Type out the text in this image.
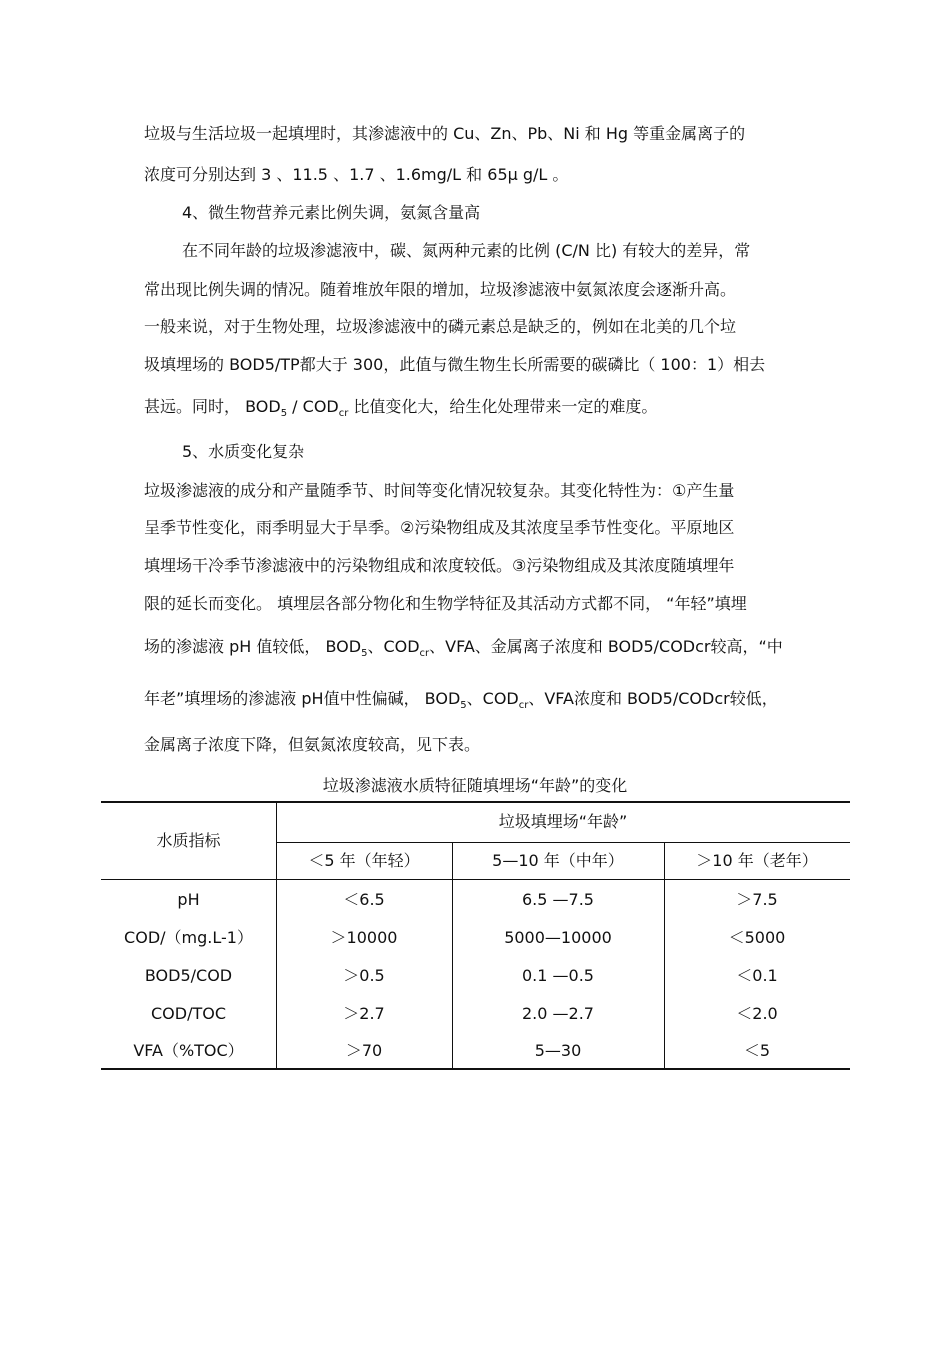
垃圾与生活垃圾一起填埋时，其渗滤液中的 Cu、Zn、Pb、Ni 和 Hg 等重金属离子的
浓度可分别达到 3 、11.5 、1.7 、1.6mg/L 和 65μ g/L 。
4、微生物营养元素比例失调，氨氮含量高
在不同年龄的垃圾渗滤液中，碳、氮两种元素的比例 (C/N 比) 有较大的差异，常
常出现比例失调的情况。随着堆放年限的增加，垃圾渗滤液中氨氮浓度会逐渐升高。
一般来说，对于生物处理，垃圾渗滤液中的磷元素总是缺乏的，例如在北美的几个垃
圾填埋场的 BOD5/TP都大于 300，此值与微生物生长所需要的碳磷比（ 100：1）相去
甚远。同时， $BOD_5 / COD_{cr}$ 比值变化大，给生化处理带来一定的难度。
5、水质变化复杂
垃圾渗滤液的成分和产量随季节、时间等变化情况较复杂。其变化特性为：①产生量
呈季节性变化，雨季明显大于旱季。②污染物组成及其浓度呈季节性变化。平原地区
填埋场干冷季节渗滤液中的污染物组成和浓度较低。③污染物组成及其浓度随填埋年
限的延长而变化。 填埋层各部分物化和生物学特征及其活动方式都不同， “年轻”填埋
场的渗滤液 pH 值较低， $BOD_5$、$COD_{cr}$、VFA、金属离子浓度和 BOD5/CODcr较高，“中
年老”填埋场的渗滤液 pH值中性偏碱， $BOD_5$、$COD_{cr}$、VFA浓度和 BOD5/CODcr较低，
金属离子浓度下降，但氨氮浓度较高，见下表。
垃圾渗滤液水质特征随填埋场“年龄”的变化
水质指标
垃圾填埋场“年龄”
＜5 年（年轻）	5—10 年（中年）	＞10 年（老年）
pH	＜6.5	6.5 —7.5	＞7.5
COD/（mg.L-1）	＞10000	5000—10000	＜5000
BOD5/COD	＞0.5	0.1 —0.5	＜0.1
COD/TOC	＞2.7	2.0 —2.7	＜2.0
VFA（%TOC）	＞70	5—30	＜5
